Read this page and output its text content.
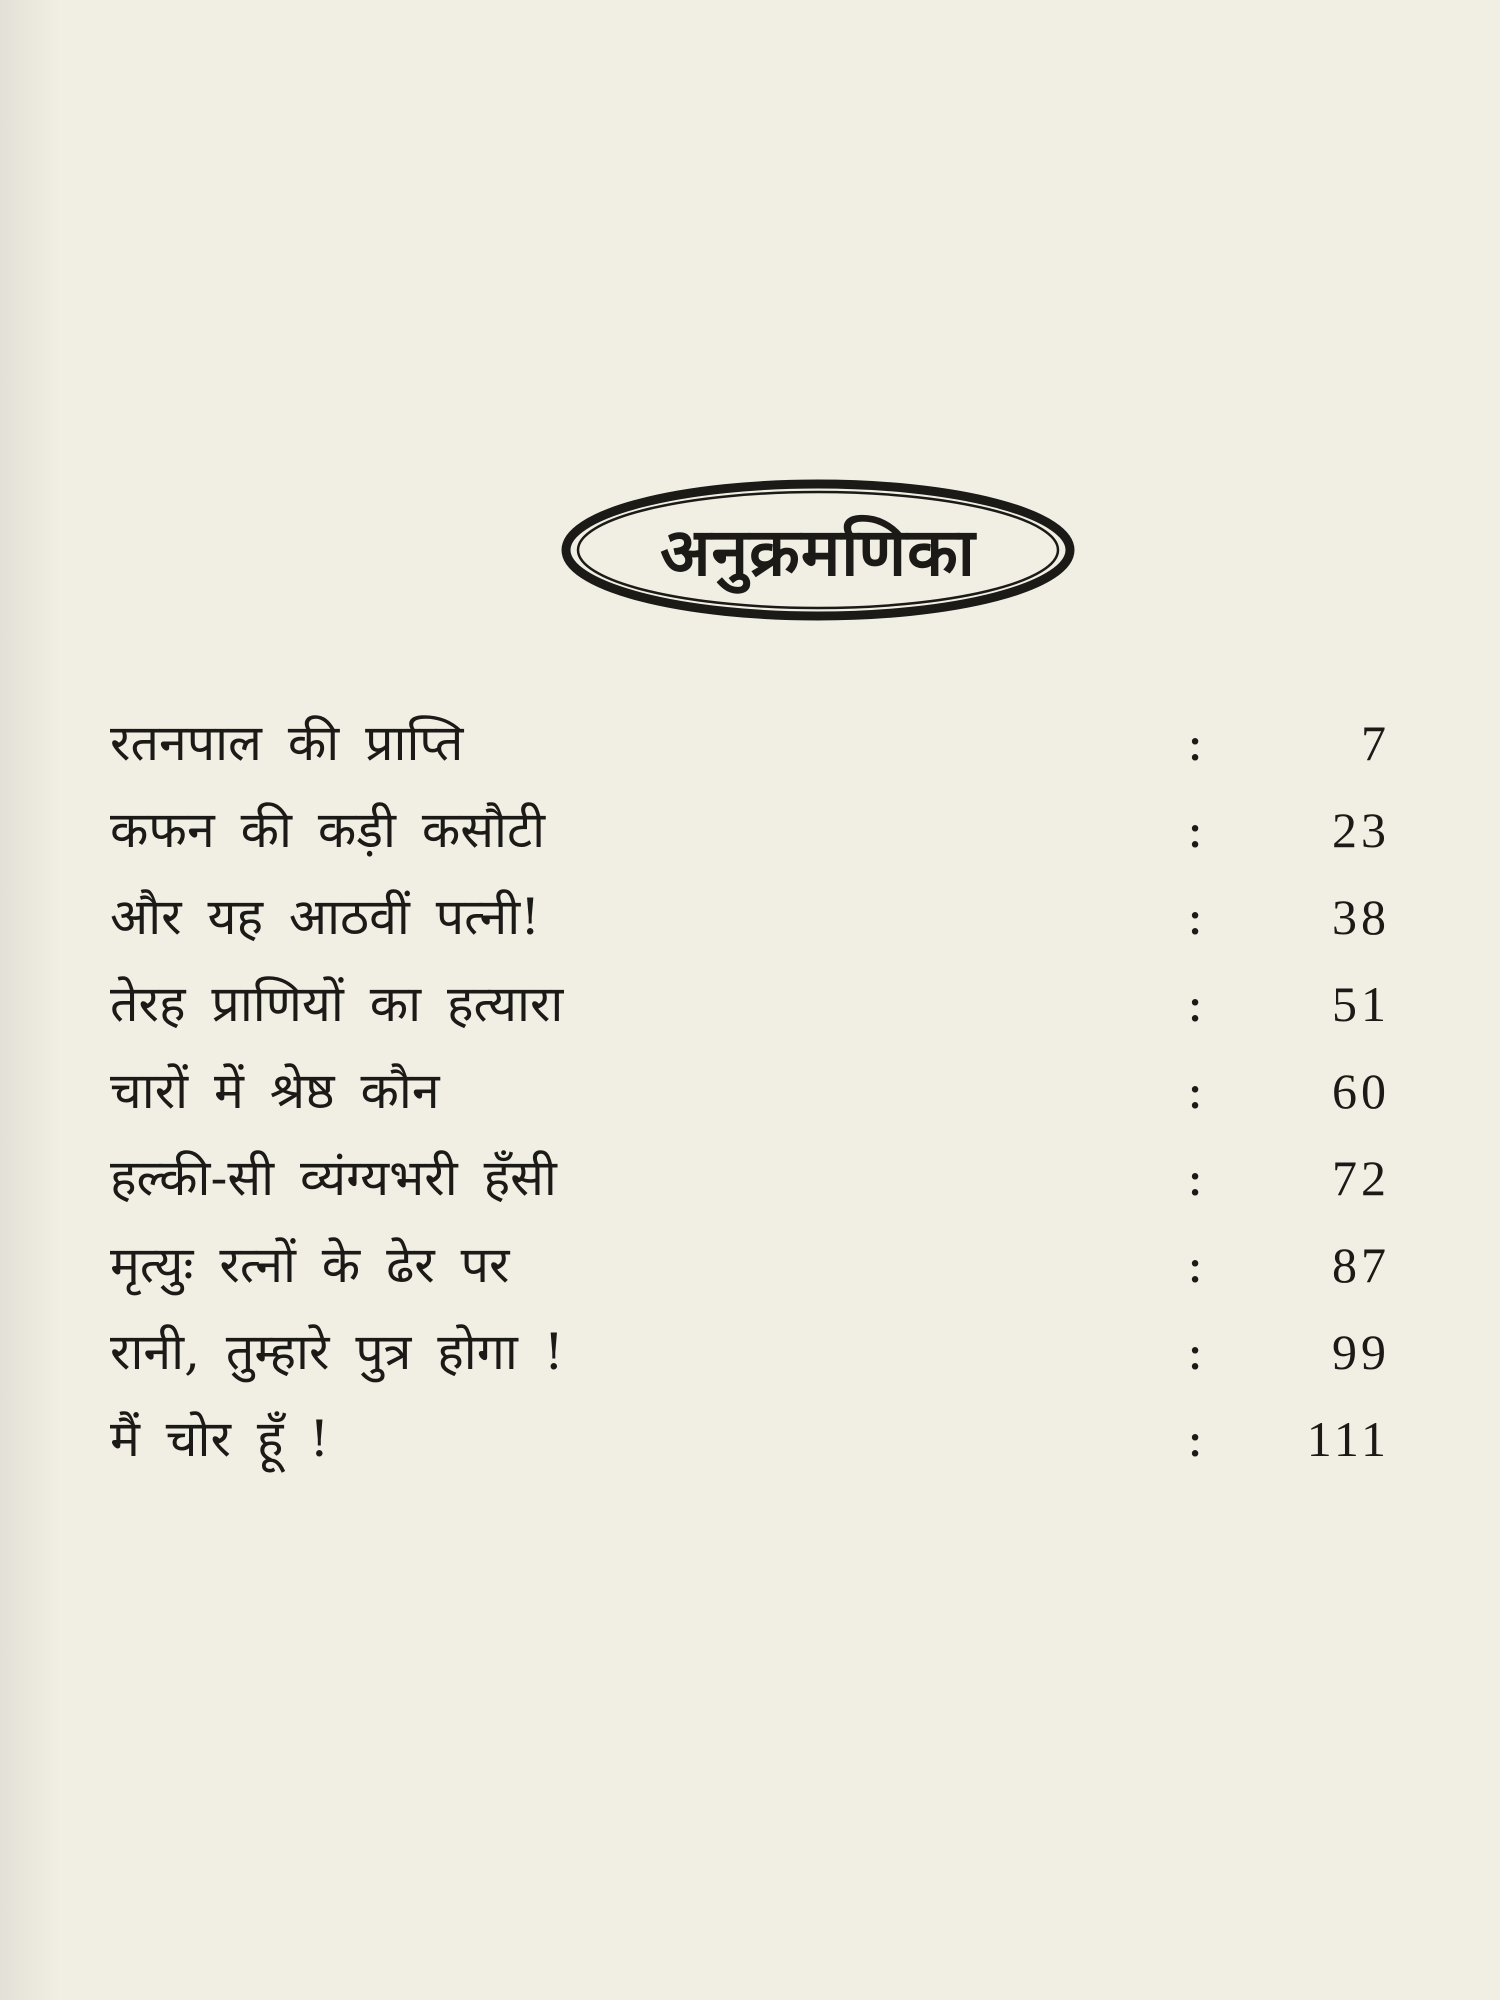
अनुक्रमणिका
रतनपाल की प्राप्ति	:	7
कफन की कड़ी कसौटी	:	23
और यह आठवीं पत्नी!	:	38
तेरह प्राणियों का हत्यारा	:	51
चारों में श्रेष्ठ कौन	:	60
हल्की-सी व्यंग्यभरी हँसी	:	72
मृत्युः रत्नों के ढेर पर	:	87
रानी, तुम्हारे पुत्र होगा !	:	99
मैं चोर हूँ !	:	111
